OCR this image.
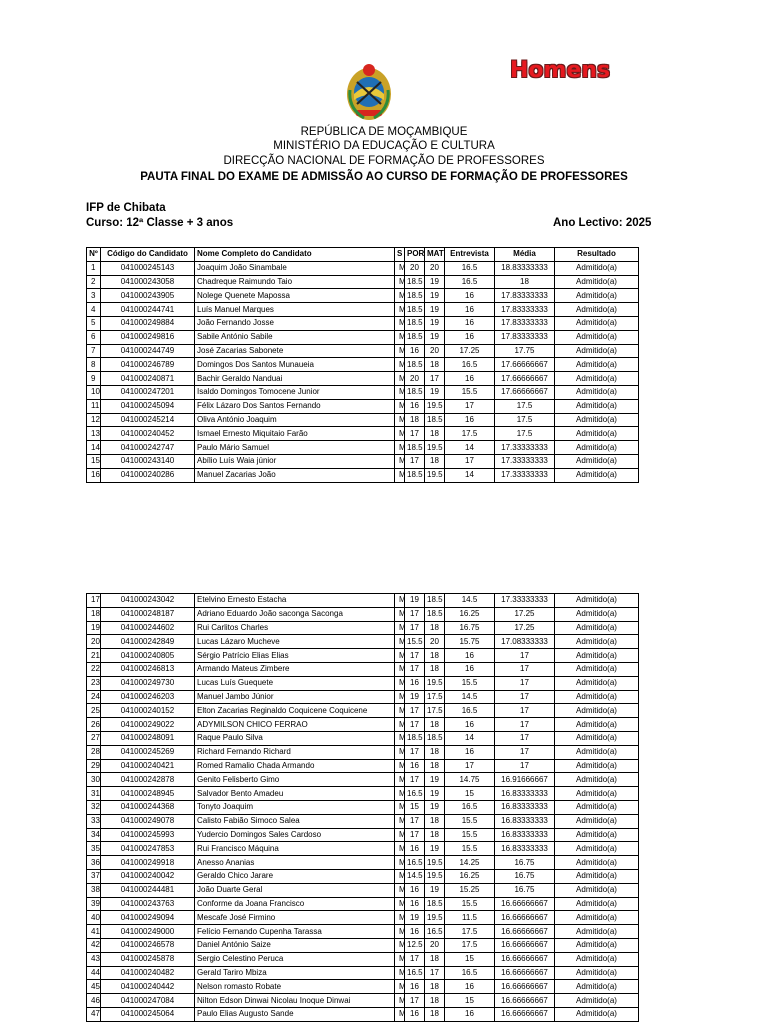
Homens
REPÚBLICA DE MOÇAMBIQUE
MINISTÉRIO DA EDUCAÇÃO E CULTURA
DIRECÇÃO NACIONAL DE FORMAÇÃO DE PROFESSORES
PAUTA FINAL DO EXAME DE ADMISSÃO AO CURSO DE FORMAÇÃO DE PROFESSORES
IFP de Chibata
Curso: 12ª Classe + 3 anos	Ano Lectivo: 2025
Nº	Código do Candidato	Nome Completo do Candidato	S	POR	MAT	Entrevista	Média	Resultado
1	041000245143	Joaquim João Sinambale	M	20	20	16.5	18.83333333	Admitido(a)
2	041000243058	Chadreque Raimundo Taio	M	18.5	19	16.5	18	Admitido(a)
3	041000243905	Nolege Quenete Mapossa	M	18.5	19	16	17.83333333	Admitido(a)
4	041000244741	Luís Manuel Marques	M	18.5	19	16	17.83333333	Admitido(a)
5	041000249884	João Fernando Josse	M	18.5	19	16	17.83333333	Admitido(a)
6	041000249816	Sabile António Sabile	M	18.5	19	16	17.83333333	Admitido(a)
7	041000244749	José Zacarias Sabonete	M	16	20	17.25	17.75	Admitido(a)
8	041000246789	Domingos Dos Santos Munaueia	M	18.5	18	16.5	17.66666667	Admitido(a)
9	041000240871	Bachir Geraldo Nanduai	M	20	17	16	17.66666667	Admitido(a)
10	041000247201	Isaldo Domingos Tomocene Junior	M	18.5	19	15.5	17.66666667	Admitido(a)
11	041000245094	Félix Lázaro Dos Santos Fernando	M	16	19.5	17	17.5	Admitido(a)
12	041000245214	Oliva António Joaquim	M	18	18.5	16	17.5	Admitido(a)
13	041000240452	Ismael Ernesto Miquitaio Farão	M	17	18	17.5	17.5	Admitido(a)
14	041000242747	Paulo Mário Samuel	M	18.5	19.5	14	17.33333333	Admitido(a)
15	041000243140	Abílio Luís Waia júnior	M	17	18	17	17.33333333	Admitido(a)
16	041000240286	Manuel Zacarias João	M	18.5	19.5	14	17.33333333	Admitido(a)
17	041000243042	Etelvino Ernesto Estacha	M	19	18.5	14.5	17.33333333	Admitido(a)
18	041000248187	Adriano Eduardo João saconga Saconga	M	17	18.5	16.25	17.25	Admitido(a)
19	041000244602	Rui Carlitos Charles	M	17	18	16.75	17.25	Admitido(a)
20	041000242849	Lucas Lázaro Mucheve	M	15.5	20	15.75	17.08333333	Admitido(a)
21	041000240805	Sérgio Patrício Elias Elias	M	17	18	16	17	Admitido(a)
22	041000246813	Armando Mateus Zimbere	M	17	18	16	17	Admitido(a)
23	041000249730	Lucas Luís Guequete	M	16	19.5	15.5	17	Admitido(a)
24	041000246203	Manuel Jambo Júnior	M	19	17.5	14.5	17	Admitido(a)
25	041000240152	Elton Zacarias Reginaldo Coquicene Coquicene	M	17	17.5	16.5	17	Admitido(a)
26	041000249022	ADYMILSON CHICO FERRAO	M	17	18	16	17	Admitido(a)
27	041000248091	Raque Paulo Silva	M	18.5	18.5	14	17	Admitido(a)
28	041000245269	Richard Fernando Richard	M	17	18	16	17	Admitido(a)
29	041000240421	Romed Ramalio Chada Armando	M	16	18	17	17	Admitido(a)
30	041000242878	Genito Felisberto Gimo	M	17	19	14.75	16.91666667	Admitido(a)
31	041000248945	Salvador Bento Amadeu	M	16.5	19	15	16.83333333	Admitido(a)
32	041000244368	Tonyto Joaquim	M	15	19	16.5	16.83333333	Admitido(a)
33	041000249078	Calisto Fabião Simoco Salea	M	17	18	15.5	16.83333333	Admitido(a)
34	041000245993	Yudercio Domingos Sales Cardoso	M	17	18	15.5	16.83333333	Admitido(a)
35	041000247853	Rui Francisco Máquina	M	16	19	15.5	16.83333333	Admitido(a)
36	041000249918	Anesso Ananias	M	16.5	19.5	14.25	16.75	Admitido(a)
37	041000240042	Geraldo Chico Jarare	M	14.5	19.5	16.25	16.75	Admitido(a)
38	041000244481	João Duarte Geral	M	16	19	15.25	16.75	Admitido(a)
39	041000243763	Conforme da Joana Francisco	M	16	18.5	15.5	16.66666667	Admitido(a)
40	041000249094	Mescafe José Firmino	M	19	19.5	11.5	16.66666667	Admitido(a)
41	041000249000	Felício Fernando Cupenha Tarassa	M	16	16.5	17.5	16.66666667	Admitido(a)
42	041000246578	Daniel António Saize	M	12.5	20	17.5	16.66666667	Admitido(a)
43	041000245878	Sergio Celestino Peruca	M	17	18	15	16.66666667	Admitido(a)
44	041000240482	Gerald Tariro Mbiza	M	16.5	17	16.5	16.66666667	Admitido(a)
45	041000240442	Nelson romasto Robate	M	16	18	16	16.66666667	Admitido(a)
46	041000247084	Nilton Edson Dinwai Nicolau Inoque Dinwai	M	17	18	15	16.66666667	Admitido(a)
47	041000245064	Paulo Elias Augusto Sande	M	16	18	16	16.66666667	Admitido(a)
